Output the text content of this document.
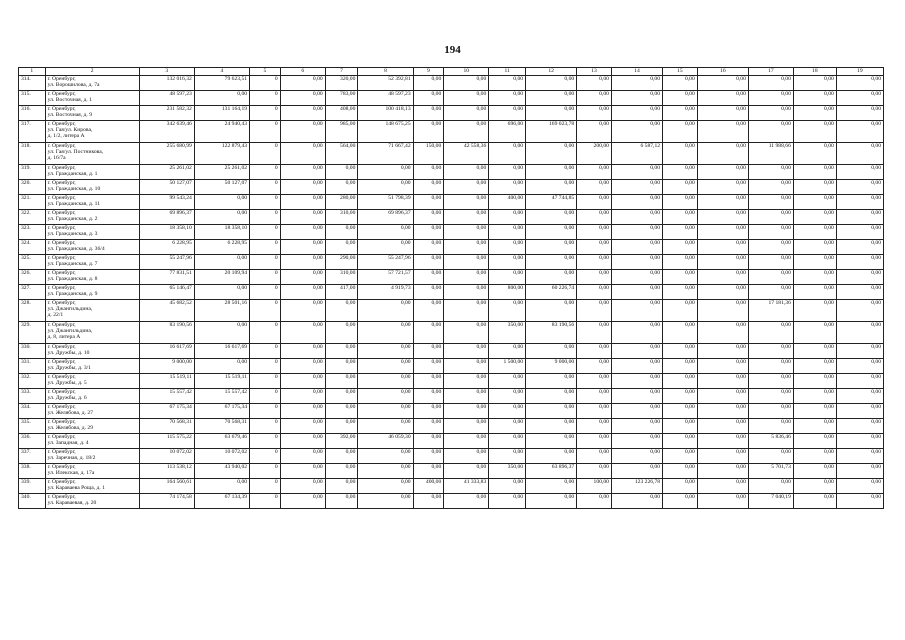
194
1	2	3	4	5	6	7	8	9	10	11	12	13	14	15	16	17	18	19
314.	г. Оренбург,
ул. Ворошилова, д. 7а	132 016,32	79 623,51	0	0,00	320,00	52 392,81	0,00	0,00	0,00	0,00	0,00	0,00	0,00	0,00	0,00	0,00	0,00
315.	г. Оренбург,
ул. Восточная, д. 1	48 597,23	0,00	0	0,00	783,00	48 597,23	0,00	0,00	0,00	0,00	0,00	0,00	0,00	0,00	0,00	0,00	0,00
316.	г. Оренбург,
ул. Восточная, д. 9	231 582,32	131 164,19	0	0,00	408,00	100 418,13	0,00	0,00	0,00	0,00	0,00	0,00	0,00	0,00	0,00	0,00	0,00
317.	г. Оренбург,
ул. Гая/ул. Кирова,
д. 1/2, литера А	342 639,46	24 940,43	0	0,00	985,00	148 675,25	0,00	0,00	696,00	169 023,78	0,00	0,00	0,00	0,00	0,00	0,00	0,00
318.	г. Оренбург,
ул. Гая/ул. Постникова,
д. 16/7а	255 680,99	122 879,43	0	0,00	564,00	71 667,42	150,00	42 558,36	0,00	0,00	200,00	6 587,12	0,00	0,00	11 988,66	0,00	0,00
319.	г. Оренбург,
ул. Гражданская, д. 1	25 261,02	25 261,02	0	0,00	0,00	0,00	0,00	0,00	0,00	0,00	0,00	0,00	0,00	0,00	0,00	0,00	0,00
320.	г. Оренбург,
ул. Гражданская, д. 10	50 127,07	50 127,07	0	0,00	0,00	0,00	0,00	0,00	0,00	0,00	0,00	0,00	0,00	0,00	0,00	0,00	0,00
321.	г. Оренбург,
ул. Гражданская, д. 11	99 543,24	0,00	0	0,00	280,00	51 798,39	0,00	0,00	400,00	47 744,85	0,00	0,00	0,00	0,00	0,00	0,00	0,00
322.	г. Оренбург,
ул. Гражданская, д. 2	69 896,37	0,00	0	0,00	310,00	69 896,37	0,00	0,00	0,00	0,00	0,00	0,00	0,00	0,00	0,00	0,00	0,00
323.	г. Оренбург,
ул. Гражданская, д. 3	18 358,10	18 358,10	0	0,00	0,00	0,00	0,00	0,00	0,00	0,00	0,00	0,00	0,00	0,00	0,00	0,00	0,00
324.	г. Оренбург,
ул. Гражданская, д. 36/4	6 228,95	6 228,95	0	0,00	0,00	0,00	0,00	0,00	0,00	0,00	0,00	0,00	0,00	0,00	0,00	0,00	0,00
325.	г. Оренбург,
ул. Гражданская, д. 7	55 247,96	0,00	0	0,00	290,00	55 247,96	0,00	0,00	0,00	0,00	0,00	0,00	0,00	0,00	0,00	0,00	0,00
326.	г. Оренбург,
ул. Гражданская, д. 8	77 831,51	20 109,94	0	0,00	310,00	57 721,57	0,00	0,00	0,00	0,00	0,00	0,00	0,00	0,00	0,00	0,00	0,00
327.	г. Оренбург,
ул. Гражданская, д. 9	65 146,47	0,00	0	0,00	417,00	4 919,73	0,00	0,00	800,00	60 226,74	0,00	0,00	0,00	0,00	0,00	0,00	0,00
328.	г. Оренбург,
ул. Джангильдина,
д. 22/1	45 682,52	28 501,16	0	0,00	0,00	0,00	0,00	0,00	0,00	0,00	0,00	0,00	0,00	0,00	17 181,36	0,00	0,00
329.	г. Оренбург,
ул. Джангильдина,
д. 8, литера А	83 190,56	0,00	0	0,00	0,00	0,00	0,00	0,00	350,00	83 190,56	0,00	0,00	0,00	0,00	0,00	0,00	0,00
330.	г. Оренбург,
ул. Дружбы, д. 10	16 617,69	16 617,69	0	0,00	0,00	0,00	0,00	0,00	0,00	0,00	0,00	0,00	0,00	0,00	0,00	0,00	0,00
331.	г. Оренбург,
ул. Дружбы, д. 3/1	9 000,00	0,00	0	0,00	0,00	0,00	0,00	0,00	1 500,00	9 000,00	0,00	0,00	0,00	0,00	0,00	0,00	0,00
332.	г. Оренбург,
ул. Дружбы, д. 5	15 519,11	15 519,11	0	0,00	0,00	0,00	0,00	0,00	0,00	0,00	0,00	0,00	0,00	0,00	0,00	0,00	0,00
333.	г. Оренбург,
ул. Дружбы, д. 6	15 557,42	15 557,42	0	0,00	0,00	0,00	0,00	0,00	0,00	0,00	0,00	0,00	0,00	0,00	0,00	0,00	0,00
334.	г. Оренбург,
ул. Желябова, д. 27	67 175,34	67 175,34	0	0,00	0,00	0,00	0,00	0,00	0,00	0,00	0,00	0,00	0,00	0,00	0,00	0,00	0,00
335.	г. Оренбург,
ул. Желябова, д. 29	70 568,31	70 568,31	0	0,00	0,00	0,00	0,00	0,00	0,00	0,00	0,00	0,00	0,00	0,00	0,00	0,00	0,00
336.	г. Оренбург,
ул. Западная, д. 4	115 575,22	63 679,46	0	0,00	392,00	46 059,30	0,00	0,00	0,00	0,00	0,00	0,00	0,00	0,00	5 836,46	0,00	0,00
337.	г. Оренбург,
ул. Заречная, д. 18/2	10 072,02	10 072,02	0	0,00	0,00	0,00	0,00	0,00	0,00	0,00	0,00	0,00	0,00	0,00	0,00	0,00	0,00
338.	г. Оренбург,
ул. Илекская, д. 17а	113 538,12	43 940,02	0	0,00	0,00	0,00	0,00	0,00	350,00	63 896,37	0,00	0,00	0,00	0,00	5 701,73	0,00	0,00
339.	г. Оренбург,
ул. Караваева Роща, д. 1	164 560,61	0,00	0	0,00	0,00	0,00	400,00	41 333,83	0,00	0,00	100,00	123 226,78	0,00	0,00	0,00	0,00	0,00
340.	г. Оренбург,
ул. Караваевая, д. 20	74 174,58	67 134,39	0	0,00	0,00	0,00	0,00	0,00	0,00	0,00	0,00	0,00	0,00	0,00	7 040,19	0,00	0,00
